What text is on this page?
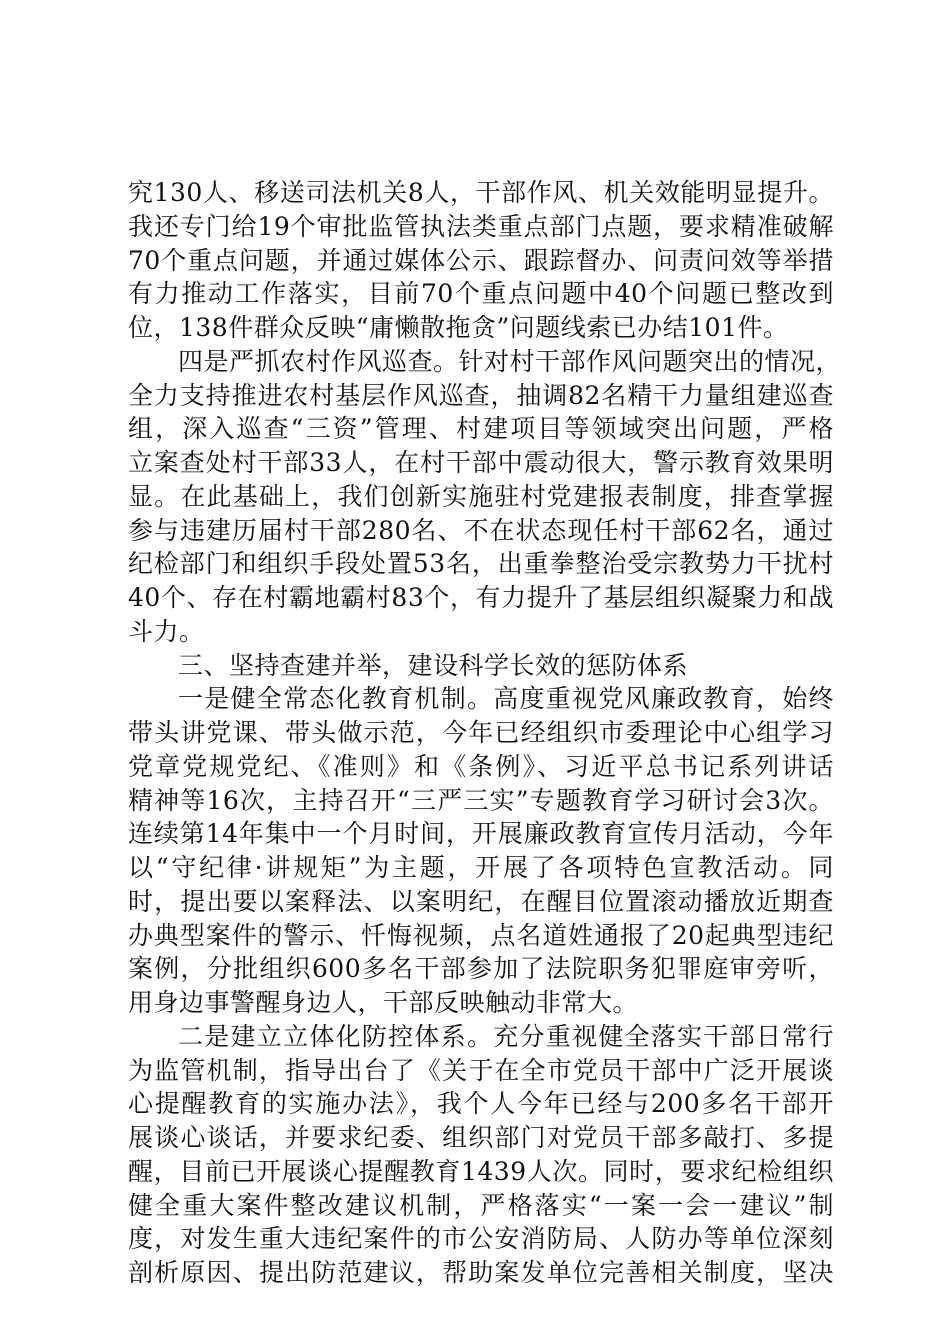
究130人、移送司法机关8人，干部作风、机关效能明显提升。
我还专门给19个审批监管执法类重点部门点题，要求精准破解
70个重点问题，并通过媒体公示、跟踪督办、问责问效等举措
有力推动工作落实，目前70个重点问题中40个问题已整改到
位，138件群众反映“庸懒散拖贪”问题线索已办结101件。
四是严抓农村作风巡查。针对村干部作风问题突出的情况，
全力支持推进农村基层作风巡查，抽调82名精干力量组建巡查
组，深入巡查“三资”管理、村建项目等领域突出问题，严格
立案查处村干部33人，在村干部中震动很大，警示教育效果明
显。在此基础上，我们创新实施驻村党建报表制度，排查掌握
参与违建历届村干部280名、不在状态现任村干部62名，通过
纪检部门和组织手段处置53名，出重拳整治受宗教势力干扰村
40个、存在村霸地霸村83个，有力提升了基层组织凝聚力和战
斗力。
三、坚持查建并举，建设科学长效的惩防体系
一是健全常态化教育机制。高度重视党风廉政教育，始终
带头讲党课、带头做示范，今年已经组织市委理论中心组学习
党章党规党纪、《准则》和《条例》、习近平总书记系列讲话
精神等16次，主持召开“三严三实”专题教育学习研讨会3次。
连续第14年集中一个月时间，开展廉政教育宣传月活动，今年
以“守纪律·讲规矩”为主题，开展了各项特色宣教活动。同
时，提出要以案释法、以案明纪，在醒目位置滚动播放近期查
办典型案件的警示、忏悔视频，点名道姓通报了20起典型违纪
案例，分批组织600多名干部参加了法院职务犯罪庭审旁听，
用身边事警醒身边人，干部反映触动非常大。
二是建立立体化防控体系。充分重视健全落实干部日常行
为监管机制，指导出台了《关于在全市党员干部中广泛开展谈
心提醒教育的实施办法》，我个人今年已经与200多名干部开
展谈心谈话，并要求纪委、组织部门对党员干部多敲打、多提
醒，目前已开展谈心提醒教育1439人次。同时，要求纪检组织
健全重大案件整改建议机制，严格落实“一案一会一建议”制
度，对发生重大违纪案件的市公安消防局、人防办等单位深刻
剖析原因、提出防范建议，帮助案发单位完善相关制度，坚决
